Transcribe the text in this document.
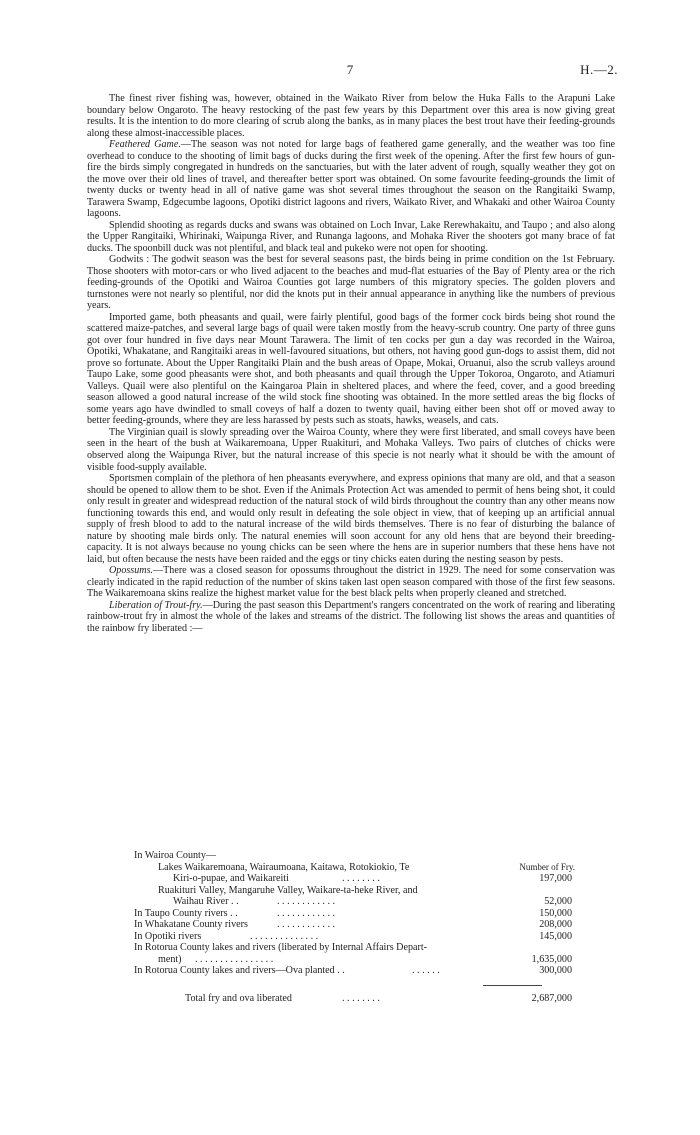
7	H.—2.

The finest river fishing was, however, obtained in the Waikato River from below the Huka Falls to the Arapuni Lake boundary below Ongaroto. The heavy restocking of the past few years by this Department over this area is now giving great results. It is the intention to do more clearing of scrub along the banks, as in many places the best trout have their feeding-grounds along these almost-inaccessible places.

Feathered Game.—The season was not noted for large bags of feathered game generally, and the weather was too fine overhead to conduce to the shooting of limit bags of ducks during the first week of the opening. After the first few hours of gun-fire the birds simply congregated in hundreds on the sanctuaries, but with the later advent of rough, squally weather they got on the move over their old lines of travel, and thereafter better sport was obtained. On some favourite feeding-grounds the limit of twenty ducks or twenty head in all of native game was shot several times throughout the season on the Rangitaiki Swamp, Tarawera Swamp, Edgecumbe lagoons, Opotiki district lagoons and rivers, Waikato River, and Whakaki and other Wairoa County lagoons.

Splendid shooting as regards ducks and swans was obtained on Loch Invar, Lake Rerewhakaitu, and Taupo ; and also along the Upper Rangitaiki, Whirinaki, Waipunga River, and Runanga lagoons, and Mohaka River the shooters got many brace of fat ducks. The spoonbill duck was not plentiful, and black teal and pukeko were not open for shooting.

Godwits : The godwit season was the best for several seasons past, the birds being in prime condition on the 1st February. Those shooters with motor-cars or who lived adjacent to the beaches and mud-flat estuaries of the Bay of Plenty area or the rich feeding-grounds of the Opotiki and Wairoa Counties got large numbers of this migratory species. The golden plovers and turnstones were not nearly so plentiful, nor did the knots put in their annual appearance in anything like the numbers of previous years.

Imported game, both pheasants and quail, were fairly plentiful, good bags of the former cock birds being shot round the scattered maize-patches, and several large bags of quail were taken mostly from the heavy-scrub country. One party of three guns got over four hundred in five days near Mount Tarawera. The limit of ten cocks per gun a day was recorded in the Wairoa, Opotiki, Whakatane, and Rangitaiki areas in well-favoured situations, but others, not having good gun-dogs to assist them, did not prove so fortunate. About the Upper Rangitaiki Plain and the bush areas of Opape, Mokai, Oruanui, also the scrub valleys around Taupo Lake, some good pheasants were shot, and both pheasants and quail through the Upper Tokoroa, Ongaroto, and Atiamuri Valleys. Quail were also plentiful on the Kaingaroa Plain in sheltered places, and where the feed, cover, and a good breeding season allowed a good natural increase of the wild stock fine shooting was obtained. In the more settled areas the big flocks of some years ago have dwindled to small coveys of half a dozen to twenty quail, having either been shot off or moved away to better feeding-grounds, where they are less harassed by pests such as stoats, hawks, weasels, and cats.

The Virginian quail is slowly spreading over the Wairoa County, where they were first liberated, and small coveys have been seen in the heart of the bush at Waikaremoana, Upper Ruakituri, and Mohaka Valleys. Two pairs of clutches of chicks were observed along the Waipunga River, but the natural increase of this specie is not nearly what it should be with the amount of visible food-supply available.

Sportsmen complain of the plethora of hen pheasants everywhere, and express opinions that many are old, and that a season should be opened to allow them to be shot. Even if the Animals Protection Act was amended to permit of hens being shot, it could only result in greater and widespread reduction of the natural stock of wild birds throughout the country than any other means now functioning towards this end, and would only result in defeating the sole object in view, that of keeping up an artificial annual supply of fresh blood to add to the natural increase of the wild birds themselves. There is no fear of disturbing the balance of nature by shooting male birds only. The natural enemies will soon account for any old hens that are beyond their breeding-capacity. It is not always because no young chicks can be seen where the hens are in superior numbers that these hens have not laid, but often because the nests have been raided and the eggs or tiny chicks eaten during the nesting season by pests.

Opossums.—There was a closed season for opossums throughout the district in 1929. The need for some conservation was clearly indicated in the rapid reduction of the number of skins taken last open season compared with those of the first few seasons. The Waikaremoana skins realize the highest market value for the best black pelts when properly cleaned and stretched.

Liberation of Trout-fry.—During the past season this Department's rangers concentrated on the work of rearing and liberating rainbow-trout fry in almost the whole of the lakes and streams of the district. The following list shows the areas and quantities of the rainbow fry liberated :—

In Wairoa County—
Lakes Waikaremoana, Wairaumoana, Kaitawa, Rotokiokio, Te	Number of Fry.
Kiri-o-pupae, and Waikareiti	. . . . . . . .	197,000
Ruakituri Valley, Mangaruhe Valley, Waikare-ta-heke River, and
Waihau River . .	. . . . . . . . . . . .	52,000
In Taupo County rivers . .	. . . . . . . . . . . .	150,000
In Whakatane County rivers	. . . . . . . . . . . .	208,000
In Opotiki rivers	. . . . . . . . . . . . . .	145,000
In Rotorua County lakes and rivers (liberated by Internal Affairs Depart-
ment) . . . . . . . . . . . . . . . .	1,635,000
In Rotorua County lakes and rivers—Ova planted . .	. . . . . .	300,000
Total fry and ova liberated	. . . . . . . .	2,687,000
